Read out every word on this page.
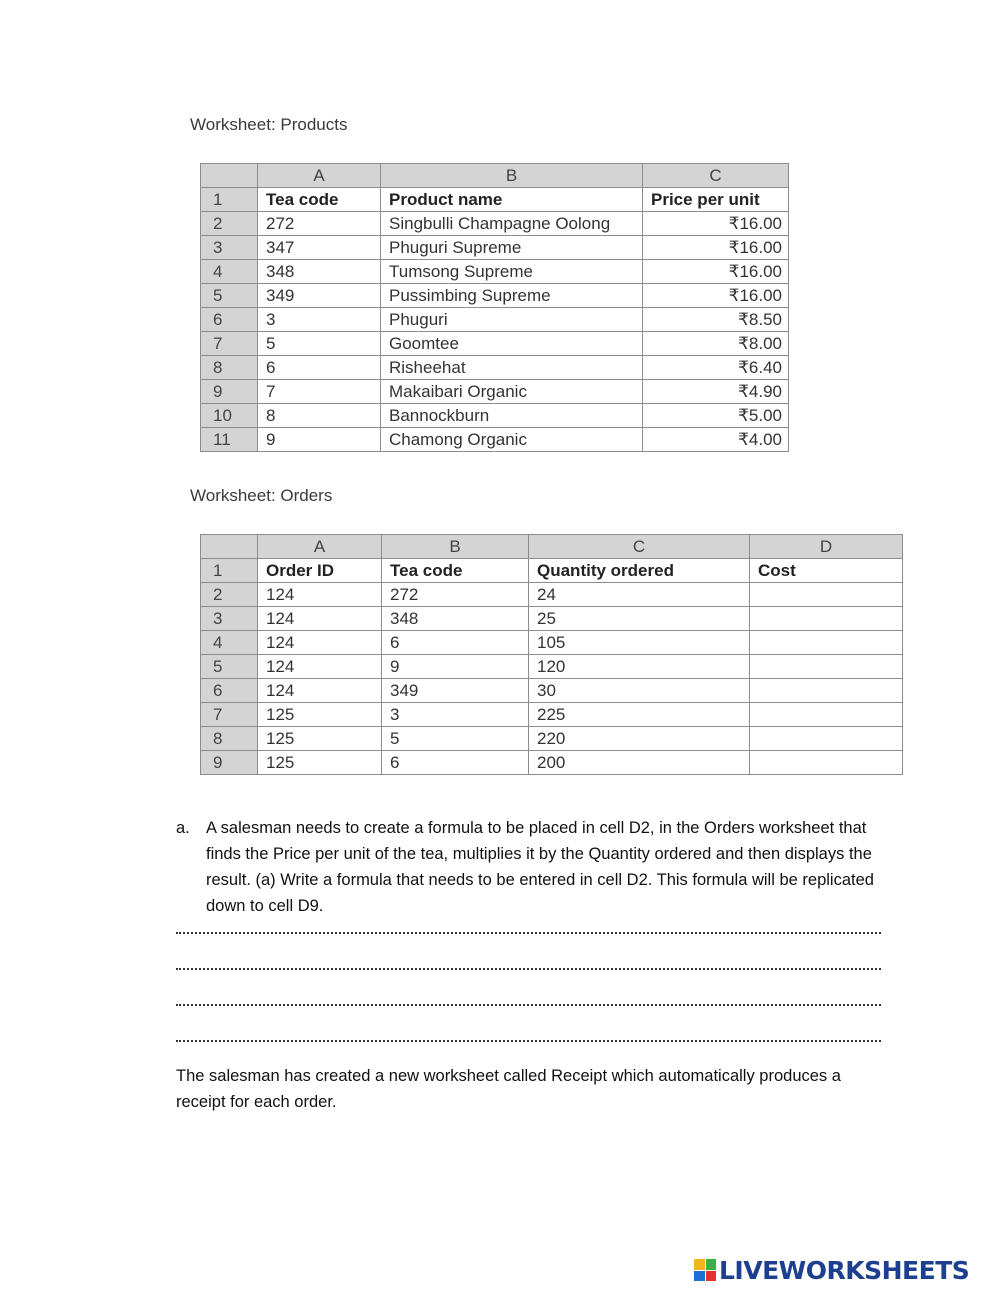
Worksheet: Products
	A	B	C
1	Tea code	Product name	Price per unit
2	272	Singbulli Champagne Oolong	₹16.00
3	347	Phuguri Supreme	₹16.00
4	348	Tumsong Supreme	₹16.00
5	349	Pussimbing Supreme	₹16.00
6	3	Phuguri	₹8.50
7	5	Goomtee	₹8.00
8	6	Risheehat	₹6.40
9	7	Makaibari Organic	₹4.90
10	8	Bannockburn	₹5.00
11	9	Chamong Organic	₹4.00
Worksheet: Orders
	A	B	C	D
1	Order ID	Tea code	Quantity ordered	Cost
2	124	272	24	
3	124	348	25	
4	124	6	105	
5	124	9	120	
6	124	349	30	
7	125	3	225	
8	125	5	220	
9	125	6	200	
a. A salesman needs to create a formula to be placed in cell D2, in the Orders worksheet that finds the Price per unit of the tea, multiplies it by the Quantity ordered and then displays the result. (a) Write a formula that needs to be entered in cell D2. This formula will be replicated down to cell D9.
The salesman has created a new worksheet called Receipt which automatically produces a receipt for each order.
LIVEWORKSHEETS
